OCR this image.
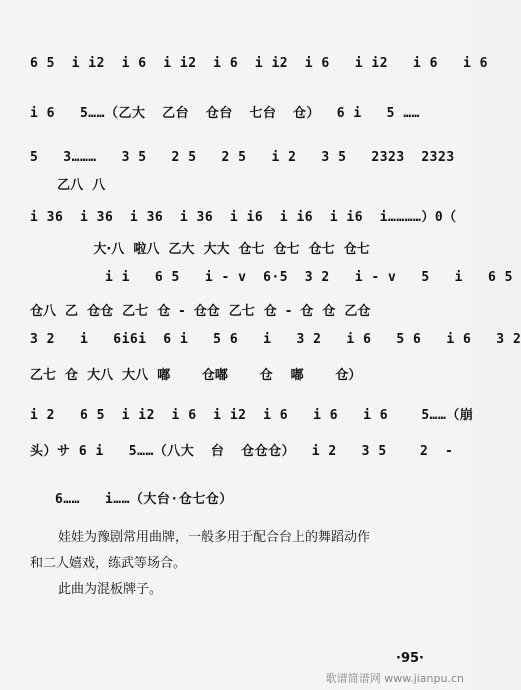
6 5  i i2  i 6  i i2  i 6  i i2  i 6   i i2   i 6   i 6
i 6   5……（乙大  乙台  仓台  七台  仓）  6 i   5 ……
5   3………   3 5   2 5   2 5   i 2   3 5   2323  2323
乙八  八
i 36  i 36  i 36  i 36  i i6  i i6  i i6  i…………）0（
大·八  啦八  乙大  大大  仓七  仓七  仓七  仓七
i i   6 5   i - v  6·5  3 2   i - v   5   i   6 5
仓八  乙  仓仓  乙七  仓  -  仓仓  乙七  仓  -  仓  仓  乙仓
3 2   i   6i6i  6 i   5 6   i   3 2   i 6   5 6   i 6   3 2
乙七  仓  大八  大八  嘟       仓嘟       仓    嘟       仓）
i 2   6 5  i i2  i 6  i i2  i 6   i 6   i 6    5……（崩
头）サ 6 i   5……（八大  台  仓仓仓）  i 2   3 5    2  -
6……   i……（大台·仓七仓）
娃娃为豫剧常用曲牌，一般多用于配合台上的舞蹈动作
和二人嬉戏，练武等场合。
此曲为混板牌子。
·95·
歌谱简谱网 www.jianpu.cn
